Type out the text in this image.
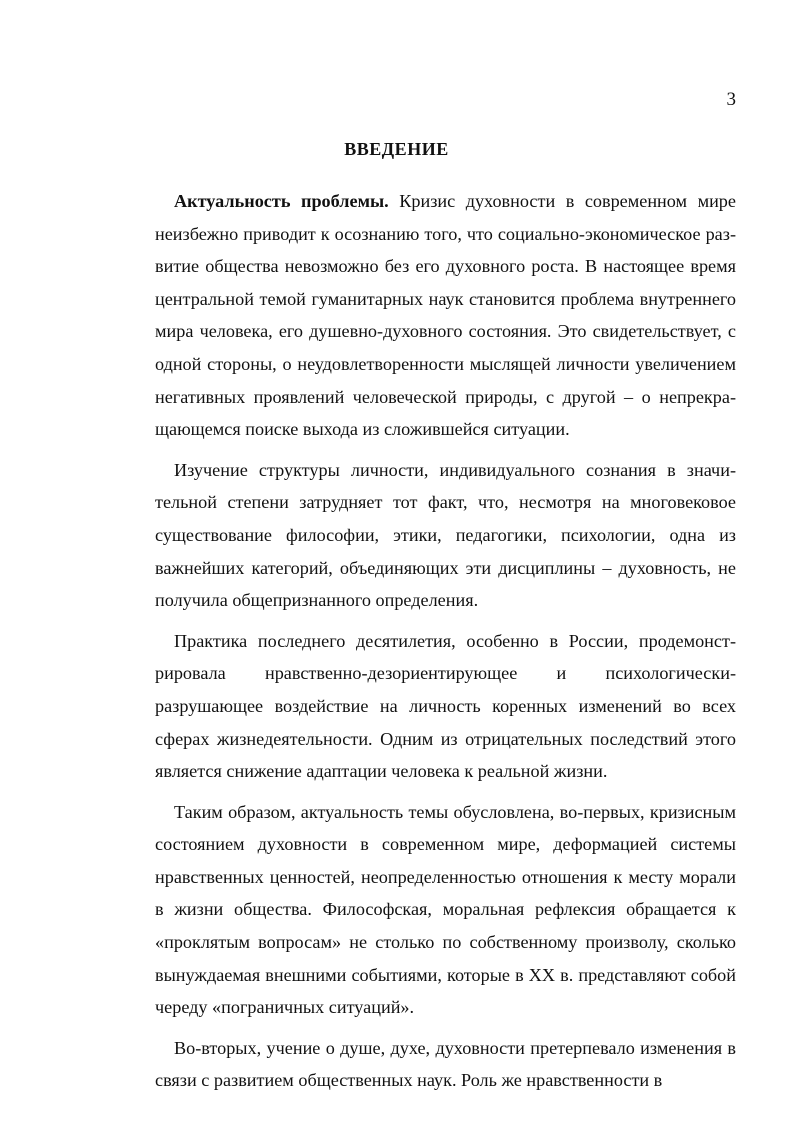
3
ВВЕДЕНИЕ

Актуальность проблемы. Кризис духовности в современном мире неизбежно приводит к осознанию того, что социально-экономическое развитие общества невозможно без его духовного роста. В настоящее время центральной темой гуманитарных наук становится проблема внутреннего мира человека, его душевно-духовного состояния. Это свидетельствует, с одной стороны, о неудовлетворенности мыслящей личности увеличением негативных проявлений человеческой природы, с другой – о непрекращающемся поиске выхода из сложившейся ситуации.

Изучение структуры личности, индивидуального сознания в значительной степени затрудняет тот факт, что, несмотря на многовековое существование философии, этики, педагогики, психологии, одна из важнейших категорий, объединяющих эти дисциплины – духовность, не получила общепризнанного определения.

Практика последнего десятилетия, особенно в России, продемонстрировала нравственно-дезориентирующее и психологически-разрушающее воздействие на личность коренных изменений во всех сферах жизнедеятельности. Одним из отрицательных последствий этого является снижение адаптации человека к реальной жизни.

Таким образом, актуальность темы обусловлена, во-первых, кризисным состоянием духовности в современном мире, деформацией системы нравственных ценностей, неопределенностью отношения к месту морали в жизни общества. Философская, моральная рефлексия обращается к «проклятым вопросам» не столько по собственному произволу, сколько вынуждаемая внешними событиями, которые в XX в. представляют собой череду «пограничных ситуаций».

Во-вторых, учение о душе, духе, духовности претерпевало изменения в связи с развитием общественных наук. Роль же нравственности в
